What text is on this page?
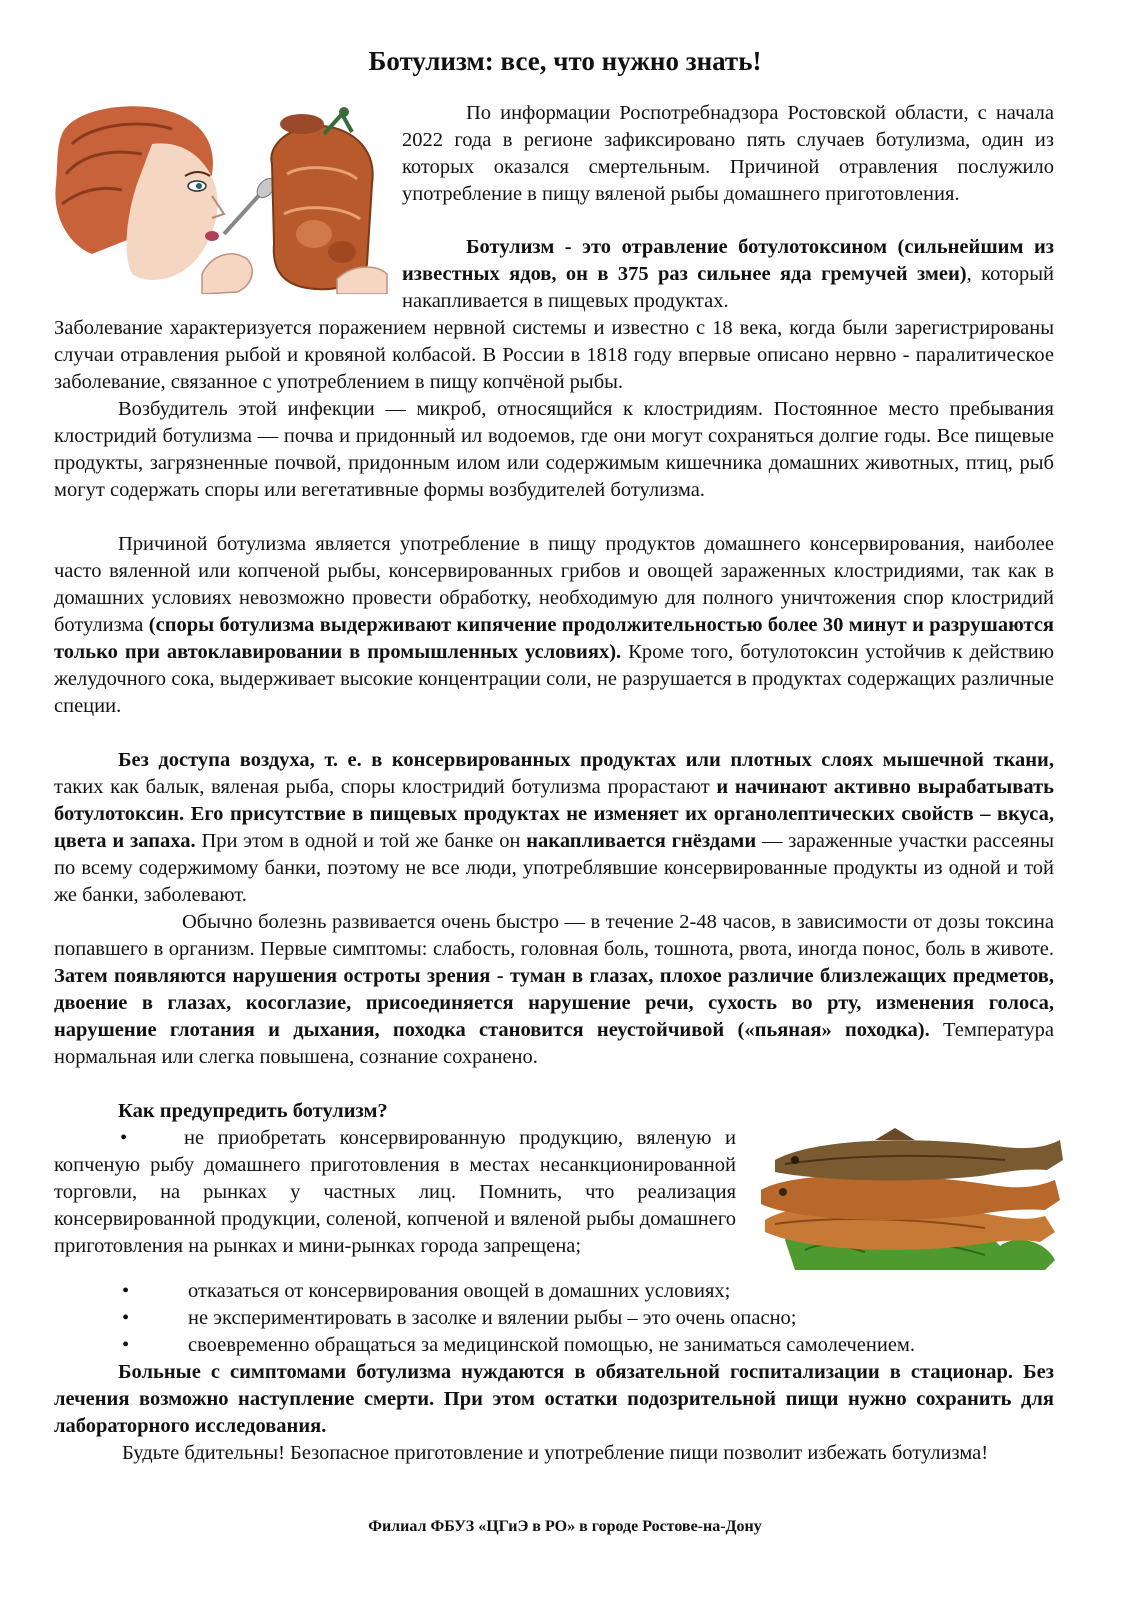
Ботулизм: все, что нужно знать!

По информации Роспотребнадзора Ростовской области, с начала 2022 года в регионе зафиксировано пять случаев ботулизма, один из которых оказался смертельным. Причиной отравления послужило употребление в пищу вяленой рыбы домашнего приготовления.

Ботулизм - это отравление ботулотоксином (сильнейшим из известных ядов, он в 375 раз сильнее яда гремучей змеи), который накапливается в пищевых продуктах.

Заболевание характеризуется поражением нервной системы и известно с 18 века, когда были зарегистрированы случаи отравления рыбой и кровяной колбасой. В России в 1818 году впервые описано нервно - паралитическое заболевание, связанное с употреблением в пищу копчёной рыбы.

Возбудитель этой инфекции — микроб, относящийся к клостридиям. Постоянное место пребывания клостридий ботулизма — почва и придонный ил водоемов, где они могут сохраняться долгие годы. Все пищевые продукты, загрязненные почвой, придонным илом или содержимым кишечника домашних животных, птиц, рыб могут содержать споры или вегетативные формы возбудителей ботулизма.

Причиной ботулизма является употребление в пищу продуктов домашнего консервирования, наиболее часто вяленной или копченой рыбы, консервированных грибов и овощей зараженных клостридиями, так как в домашних условиях невозможно провести обработку, необходимую для полного уничтожения спор клостридий ботулизма (споры ботулизма выдерживают кипячение продолжительностью более 30 минут и разрушаются только при автоклавировании в промышленных условиях). Кроме того, ботулотоксин устойчив к действию желудочного сока, выдерживает высокие концентрации соли, не разрушается в продуктах содержащих различные специи.

Без доступа воздуха, т. е. в консервированных продуктах или плотных слоях мышечной ткани, таких как балык, вяленая рыба, споры клостридий ботулизма прорастают и начинают активно вырабатывать ботулотоксин. Его присутствие в пищевых продуктах не изменяет их органолептических свойств – вкуса, цвета и запаха. При этом в одной и той же банке он накапливается гнёздами — зараженные участки рассеяны по всему содержимому банки, поэтому не все люди, употреблявшие консервированные продукты из одной и той же банки, заболевают.

Обычно болезнь развивается очень быстро — в течение 2-48 часов, в зависимости от дозы токсина попавшего в организм. Первые симптомы: слабость, головная боль, тошнота, рвота, иногда понос, боль в животе. Затем появляются нарушения остроты зрения - туман в глазах, плохое различие близлежащих предметов, двоение в глазах, косоглазие, присоединяется нарушение речи, сухость во рту, изменения голоса, нарушение глотания и дыхания, походка становится неустойчивой («пьяная» походка). Температура нормальная или слегка повышена, сознание сохранено.

Как предупредить ботулизм?

•	не приобретать консервированную продукцию, вяленую и копченую рыбу домашнего приготовления в местах несанкционированной торговли, на рынках у частных лиц. Помнить, что реализация консервированной продукции, соленой, копченой и вяленой рыбы домашнего приготовления на рынках и мини-рынках города запрещена;

•	отказаться от консервирования овощей в домашних условиях;
•	не экспериментировать в засолке и вялении рыбы – это очень опасно;
•	своевременно обращаться за медицинской помощью, не заниматься самолечением.

Больные с симптомами ботулизма нуждаются в обязательной госпитализации в стационар. Без лечения возможно наступление смерти. При этом остатки подозрительной пищи нужно сохранить для лабораторного исследования.

Будьте бдительны! Безопасное приготовление и употребление пищи позволит избежать ботулизма!

Филиал ФБУЗ «ЦГиЭ в РО» в городе Ростове-на-Дону
